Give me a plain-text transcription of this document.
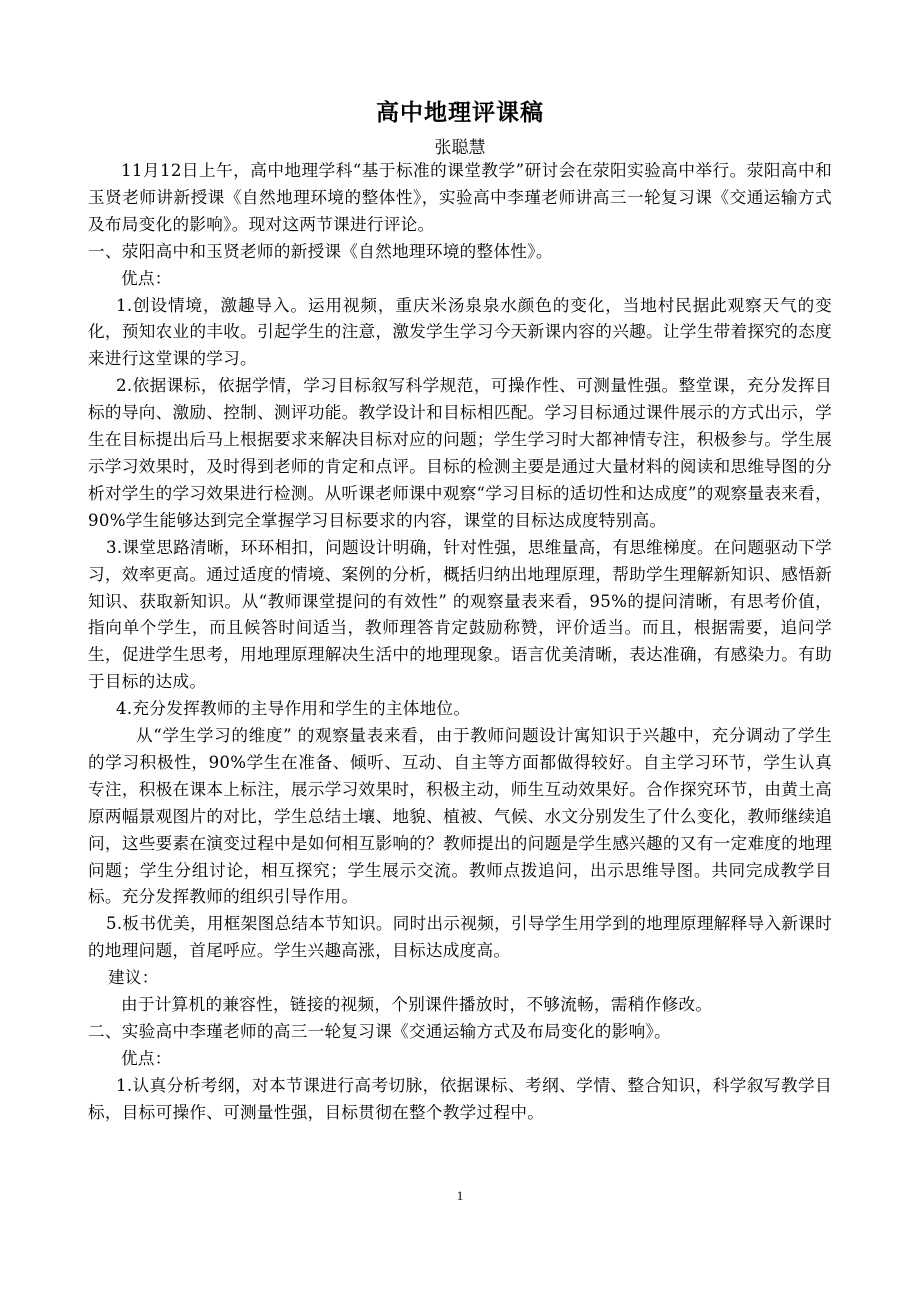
高中地理评课稿
张聪慧

11月12日上午，高中地理学科“基于标准的课堂教学”研讨会在荥阳实验高中举行。荥阳高中和玉贤老师讲新授课《自然地理环境的整体性》，实验高中李瑾老师讲高三一轮复习课《交通运输方式及布局变化的影响》。现对这两节课进行评论。

一、荥阳高中和玉贤老师的新授课《自然地理环境的整体性》。

优点：

1.创设情境，激趣导入。运用视频，重庆米汤泉泉水颜色的变化，当地村民据此观察天气的变化，预知农业的丰收。引起学生的注意，激发学生学习今天新课内容的兴趣。让学生带着探究的态度来进行这堂课的学习。

2.依据课标，依据学情，学习目标叙写科学规范，可操作性、可测量性强。整堂课，充分发挥目标的导向、激励、控制、测评功能。教学设计和目标相匹配。学习目标通过课件展示的方式出示，学生在目标提出后马上根据要求来解决目标对应的问题；学生学习时大都神情专注，积极参与。学生展示学习效果时，及时得到老师的肯定和点评。目标的检测主要是通过大量材料的阅读和思维导图的分析对学生的学习效果进行检测。从听课老师课中观察“学习目标的适切性和达成度”的观察量表来看，90%学生能够达到完全掌握学习目标要求的内容，课堂的目标达成度特别高。

3.课堂思路清晰，环环相扣，问题设计明确，针对性强，思维量高，有思维梯度。在问题驱动下学习，效率更高。通过适度的情境、案例的分析，概括归纳出地理原理，帮助学生理解新知识、感悟新知识、获取新知识。从“教师课堂提问的有效性” 的观察量表来看，95%的提问清晰，有思考价值，指向单个学生，而且候答时间适当，教师理答肯定鼓励称赞，评价适当。而且，根据需要，追问学生，促进学生思考，用地理原理解决生活中的地理现象。语言优美清晰，表达准确，有感染力。有助于目标的达成。

4.充分发挥教师的主导作用和学生的主体地位。

从“学生学习的维度” 的观察量表来看，由于教师问题设计寓知识于兴趣中，充分调动了学生的学习积极性，90%学生在准备、倾听、互动、自主等方面都做得较好。自主学习环节，学生认真专注，积极在课本上标注，展示学习效果时，积极主动，师生互动效果好。合作探究环节，由黄土高原两幅景观图片的对比，学生总结土壤、地貌、植被、气候、水文分别发生了什么变化，教师继续追问，这些要素在演变过程中是如何相互影响的？教师提出的问题是学生感兴趣的又有一定难度的地理问题；学生分组讨论，相互探究；学生展示交流。教师点拨追问，出示思维导图。共同完成教学目标。充分发挥教师的组织引导作用。

5.板书优美，用框架图总结本节知识。同时出示视频，引导学生用学到的地理原理解释导入新课时的地理问题，首尾呼应。学生兴趣高涨，目标达成度高。

建议：

由于计算机的兼容性，链接的视频，个别课件播放时，不够流畅，需稍作修改。

二、实验高中李瑾老师的高三一轮复习课《交通运输方式及布局变化的影响》。

优点：

1.认真分析考纲，对本节课进行高考切脉，依据课标、考纲、学情、整合知识，科学叙写教学目标，目标可操作、可测量性强，目标贯彻在整个教学过程中。

1
